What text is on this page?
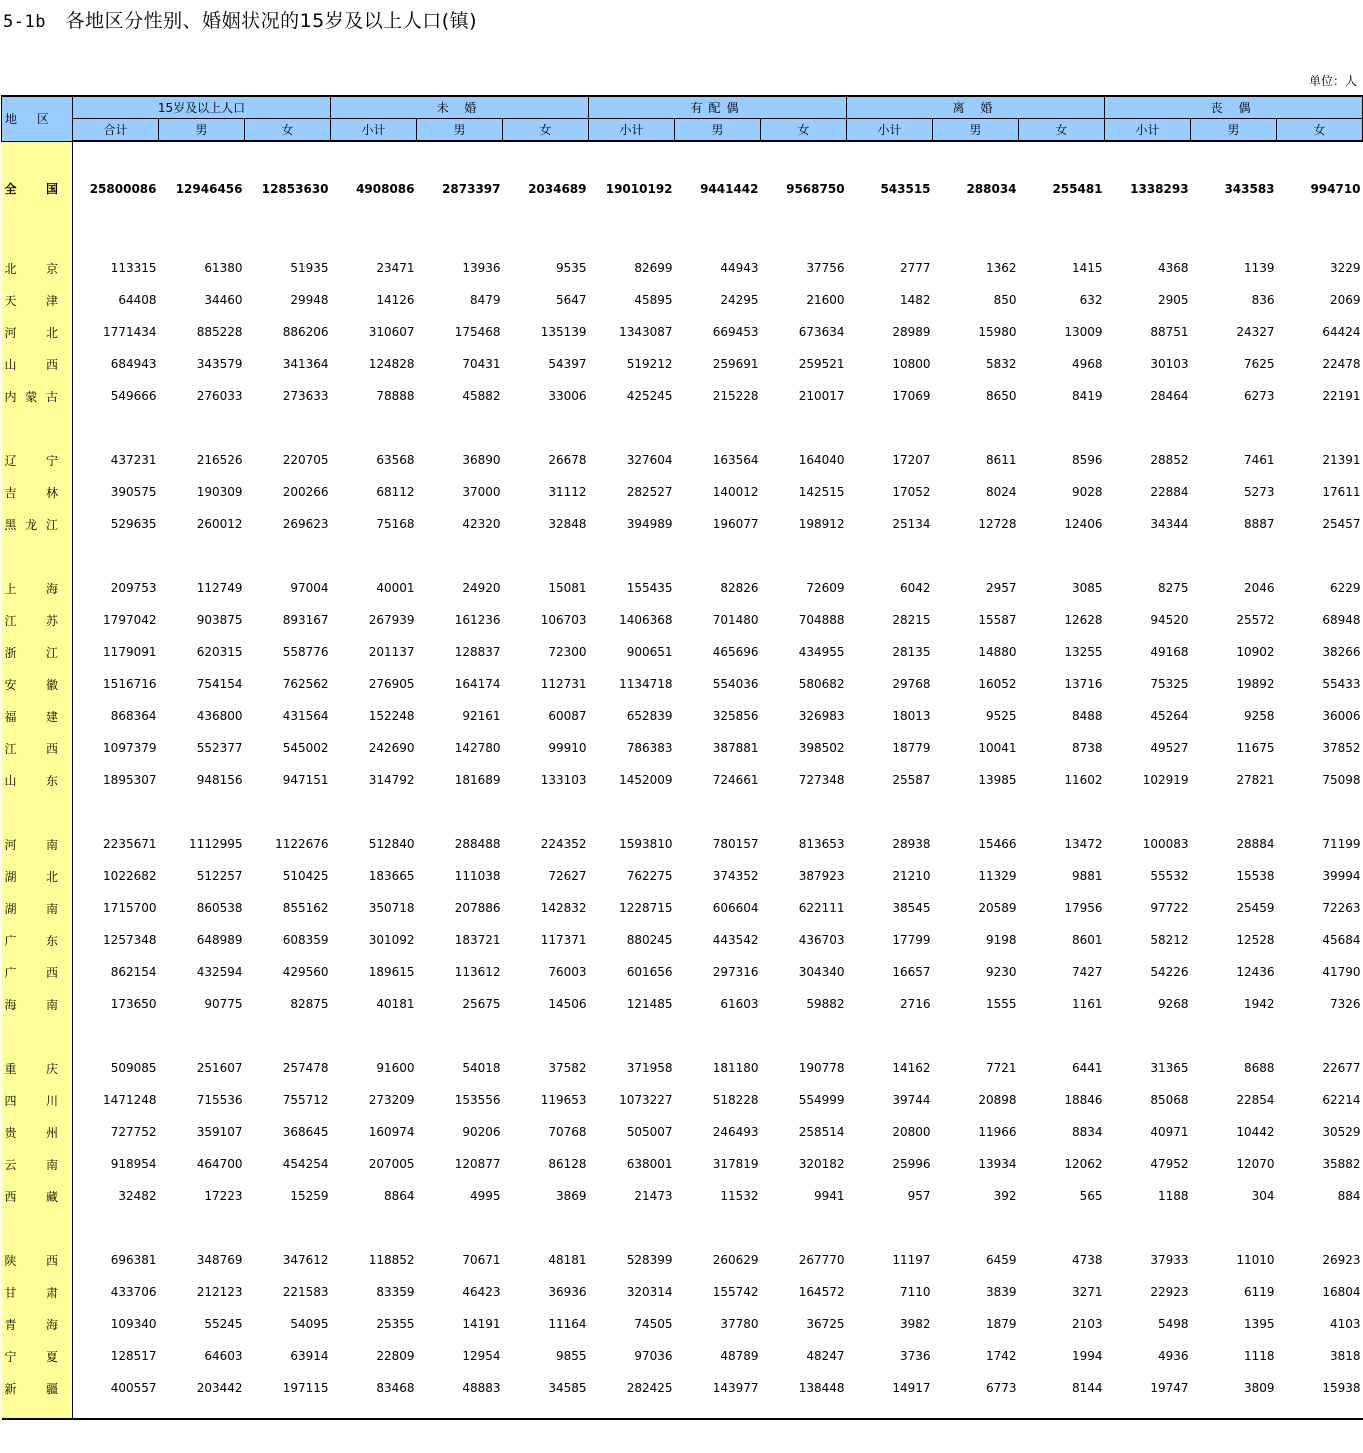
5-1b 各地区分性别、婚姻状况的15岁及以上人口(镇)
单位：人
地区	15岁及以上人口			未 婚			有配偶			离 婚			丧 偶		
	合计	男	女	小计	男	女	小计	男	女	小计	男	女	小计	男	女

全国	25800086	12946456	12853630	4908086	2873397	2034689	19010192	9441442	9568750	543515	288034	255481	1338293	343583	994710

北京	113315	61380	51935	23471	13936	9535	82699	44943	37756	2777	1362	1415	4368	1139	3229
天津	64408	34460	29948	14126	8479	5647	45895	24295	21600	1482	850	632	2905	836	2069
河北	1771434	885228	886206	310607	175468	135139	1343087	669453	673634	28989	15980	13009	88751	24327	64424
山西	684943	343579	341364	124828	70431	54397	519212	259691	259521	10800	5832	4968	30103	7625	22478
内蒙古	549666	276033	273633	78888	45882	33006	425245	215228	210017	17069	8650	8419	28464	6273	22191

辽宁	437231	216526	220705	63568	36890	26678	327604	163564	164040	17207	8611	8596	28852	7461	21391
吉林	390575	190309	200266	68112	37000	31112	282527	140012	142515	17052	8024	9028	22884	5273	17611
黑龙江	529635	260012	269623	75168	42320	32848	394989	196077	198912	25134	12728	12406	34344	8887	25457

上海	209753	112749	97004	40001	24920	15081	155435	82826	72609	6042	2957	3085	8275	2046	6229
江苏	1797042	903875	893167	267939	161236	106703	1406368	701480	704888	28215	15587	12628	94520	25572	68948
浙江	1179091	620315	558776	201137	128837	72300	900651	465696	434955	28135	14880	13255	49168	10902	38266
安徽	1516716	754154	762562	276905	164174	112731	1134718	554036	580682	29768	16052	13716	75325	19892	55433
福建	868364	436800	431564	152248	92161	60087	652839	325856	326983	18013	9525	8488	45264	9258	36006
江西	1097379	552377	545002	242690	142780	99910	786383	387881	398502	18779	10041	8738	49527	11675	37852
山东	1895307	948156	947151	314792	181689	133103	1452009	724661	727348	25587	13985	11602	102919	27821	75098

河南	2235671	1112995	1122676	512840	288488	224352	1593810	780157	813653	28938	15466	13472	100083	28884	71199
湖北	1022682	512257	510425	183665	111038	72627	762275	374352	387923	21210	11329	9881	55532	15538	39994
湖南	1715700	860538	855162	350718	207886	142832	1228715	606604	622111	38545	20589	17956	97722	25459	72263
广东	1257348	648989	608359	301092	183721	117371	880245	443542	436703	17799	9198	8601	58212	12528	45684
广西	862154	432594	429560	189615	113612	76003	601656	297316	304340	16657	9230	7427	54226	12436	41790
海南	173650	90775	82875	40181	25675	14506	121485	61603	59882	2716	1555	1161	9268	1942	7326

重庆	509085	251607	257478	91600	54018	37582	371958	181180	190778	14162	7721	6441	31365	8688	22677
四川	1471248	715536	755712	273209	153556	119653	1073227	518228	554999	39744	20898	18846	85068	22854	62214
贵州	727752	359107	368645	160974	90206	70768	505007	246493	258514	20800	11966	8834	40971	10442	30529
云南	918954	464700	454254	207005	120877	86128	638001	317819	320182	25996	13934	12062	47952	12070	35882
西藏	32482	17223	15259	8864	4995	3869	21473	11532	9941	957	392	565	1188	304	884

陕西	696381	348769	347612	118852	70671	48181	528399	260629	267770	11197	6459	4738	37933	11010	26923
甘肃	433706	212123	221583	83359	46423	36936	320314	155742	164572	7110	3839	3271	22923	6119	16804
青海	109340	55245	54095	25355	14191	11164	74505	37780	36725	3982	1879	2103	5498	1395	4103
宁夏	128517	64603	63914	22809	12954	9855	97036	48789	48247	3736	1742	1994	4936	1118	3818
新疆	400557	203442	197115	83468	48883	34585	282425	143977	138448	14917	6773	8144	19747	3809	15938
